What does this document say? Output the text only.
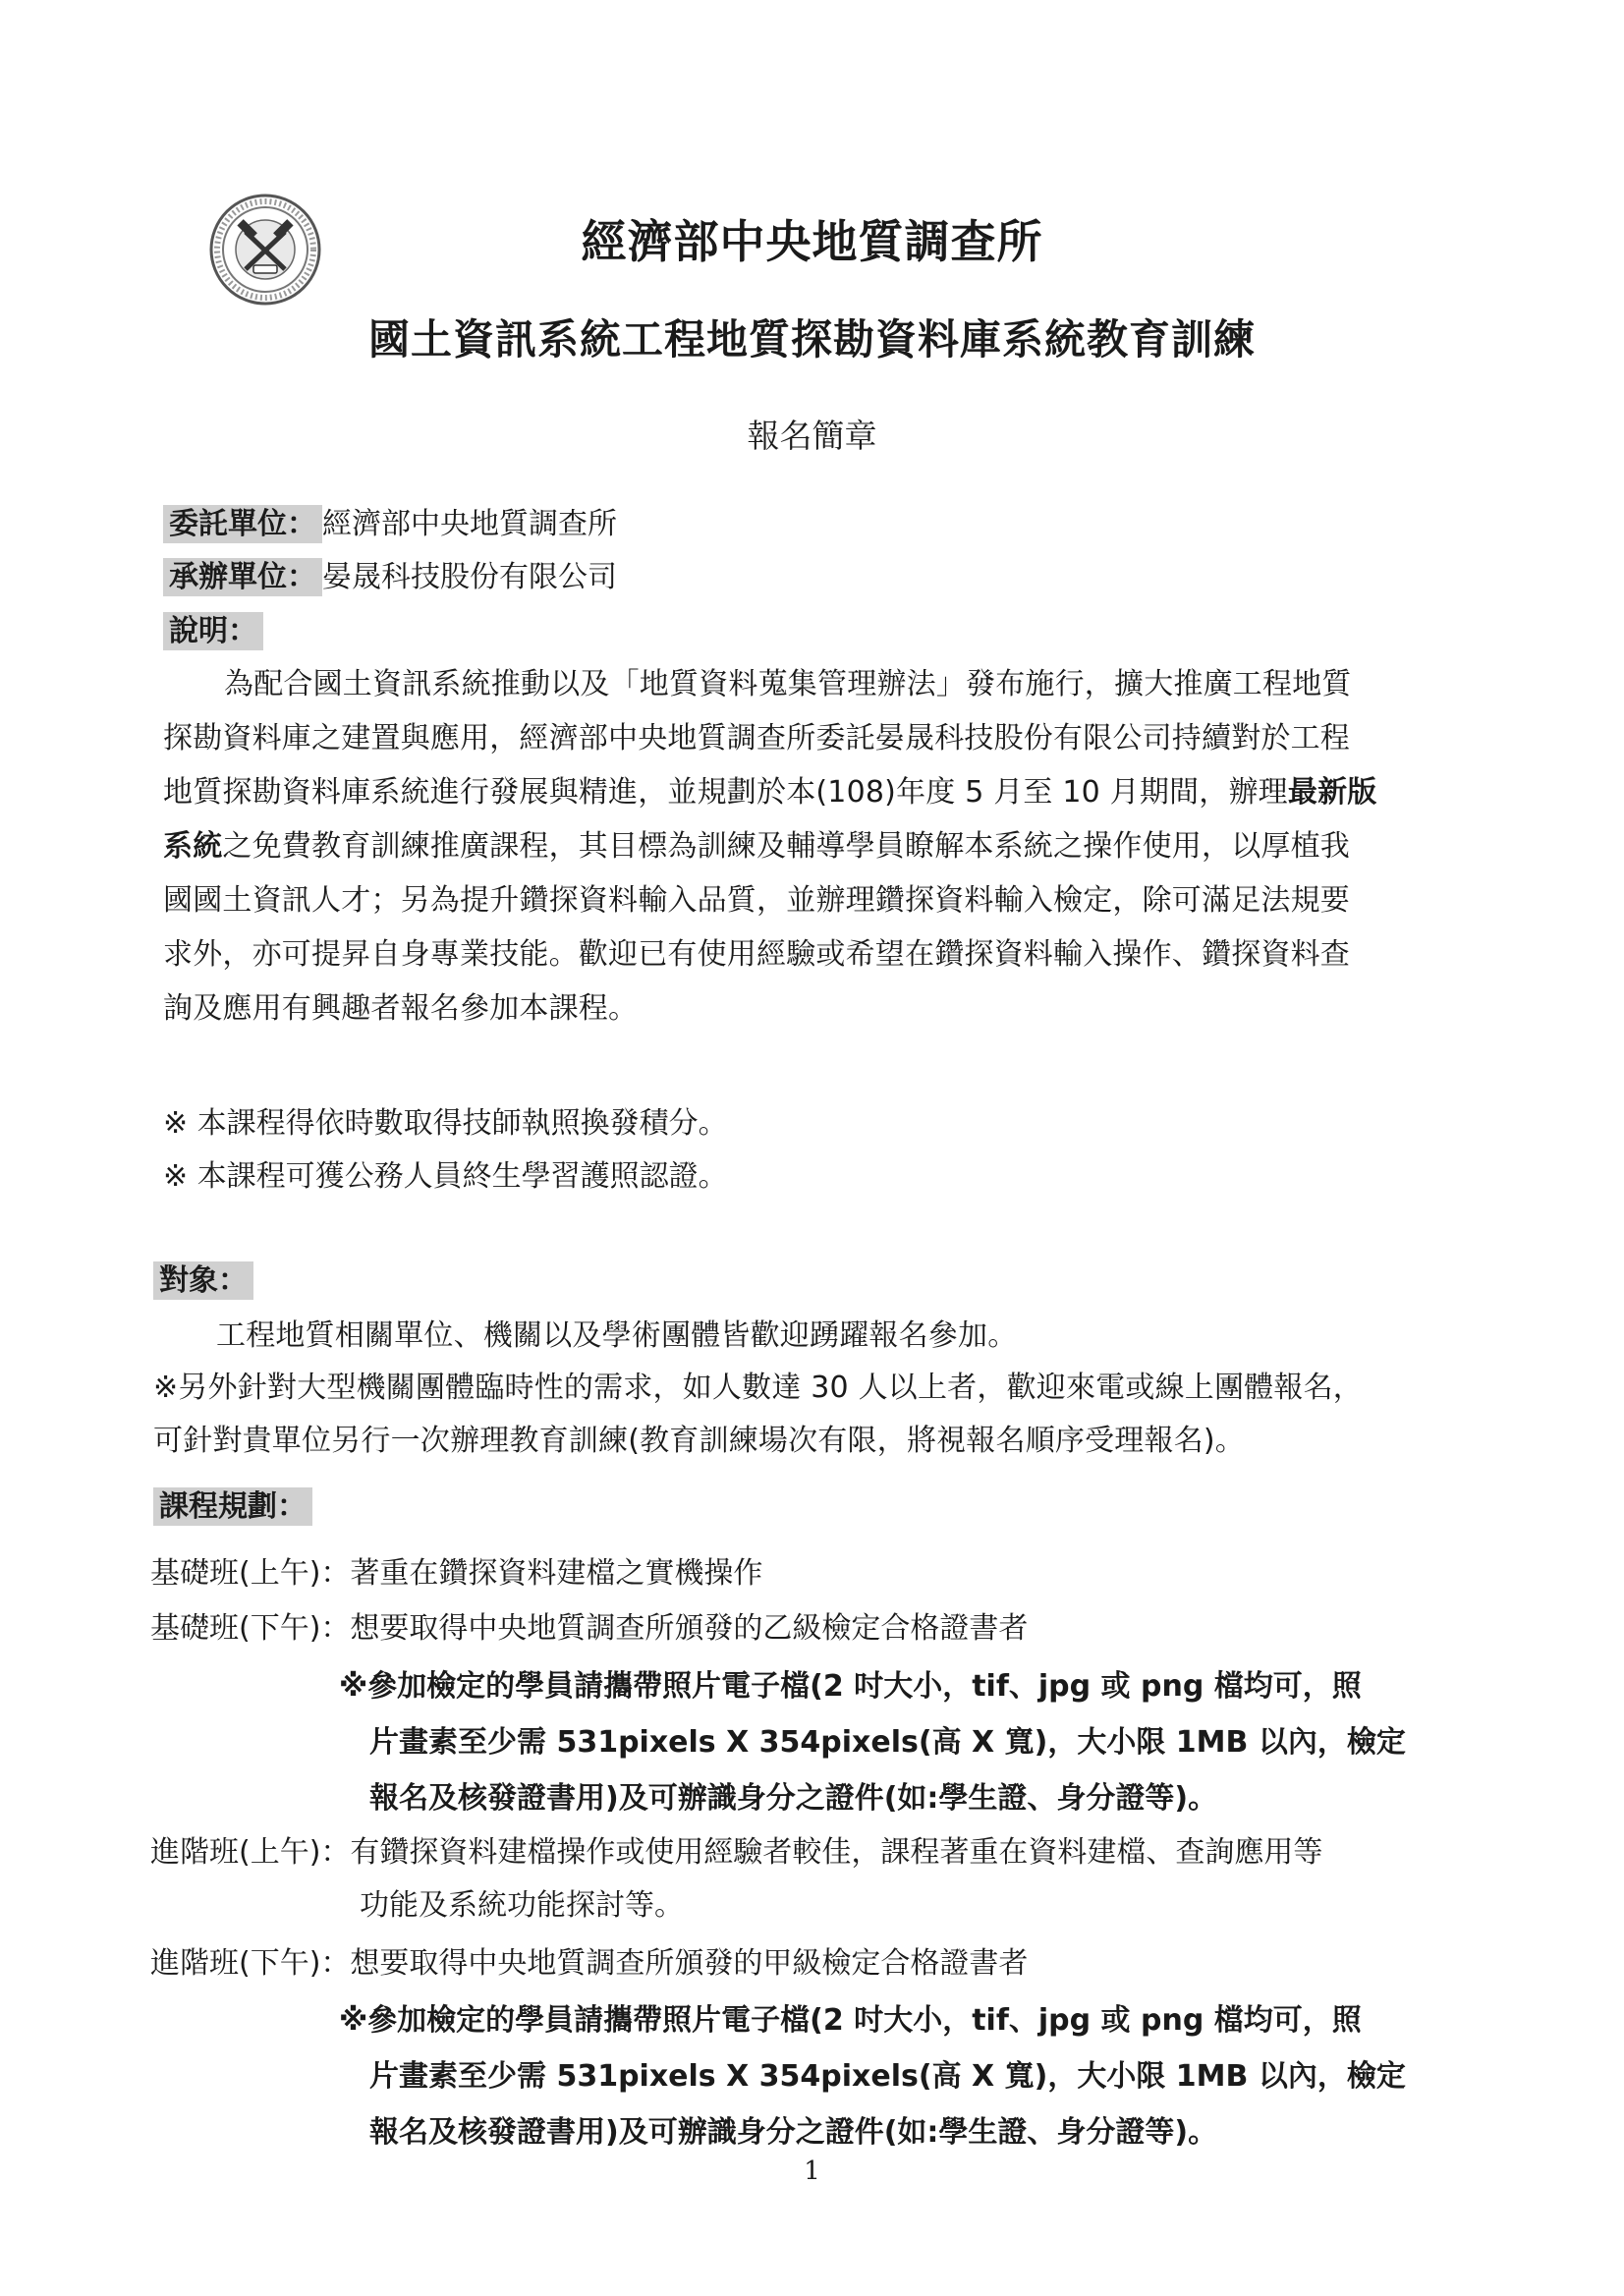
經濟部中央地質調查所
國土資訊系統工程地質探勘資料庫系統教育訓練
報名簡章
委託單位： 經濟部中央地質調查所
承辦單位： 晏晟科技股份有限公司
說明：
為配合國土資訊系統推動以及「地質資料蒐集管理辦法」發布施行，擴大推廣工程地質
探勘資料庫之建置與應用，經濟部中央地質調查所委託晏晟科技股份有限公司持續對於工程
地質探勘資料庫系統進行發展與精進，並規劃於本(108)年度 5 月至 10 月期間，辦理最新版
系統之免費教育訓練推廣課程，其目標為訓練及輔導學員瞭解本系統之操作使用，以厚植我
國國土資訊人才；另為提升鑽探資料輸入品質，並辦理鑽探資料輸入檢定，除可滿足法規要
求外，亦可提昇自身專業技能。歡迎已有使用經驗或希望在鑽探資料輸入操作、鑽探資料查
詢及應用有興趣者報名參加本課程。
※ 本課程得依時數取得技師執照換發積分。
※ 本課程可獲公務人員終生學習護照認證。
對象：
工程地質相關單位、機關以及學術團體皆歡迎踴躍報名參加。
※另外針對大型機關團體臨時性的需求，如人數達 30 人以上者，歡迎來電或線上團體報名，
可針對貴單位另行一次辦理教育訓練(教育訓練場次有限，將視報名順序受理報名)。
課程規劃：
基礎班(上午)：著重在鑽探資料建檔之實機操作
基礎班(下午)：想要取得中央地質調查所頒發的乙級檢定合格證書者
※參加檢定的學員請攜帶照片電子檔(2 吋大小，tif、jpg 或 png 檔均可，照
片畫素至少需 531pixels X 354pixels(高 X 寬)，大小限 1MB 以內，檢定
報名及核發證書用)及可辦識身分之證件(如:學生證、身分證等)。
進階班(上午)：有鑽探資料建檔操作或使用經驗者較佳，課程著重在資料建檔、查詢應用等
功能及系統功能探討等。
進階班(下午)：想要取得中央地質調查所頒發的甲級檢定合格證書者
※參加檢定的學員請攜帶照片電子檔(2 吋大小，tif、jpg 或 png 檔均可，照
片畫素至少需 531pixels X 354pixels(高 X 寬)，大小限 1MB 以內，檢定
報名及核發證書用)及可辦識身分之證件(如:學生證、身分證等)。
1
